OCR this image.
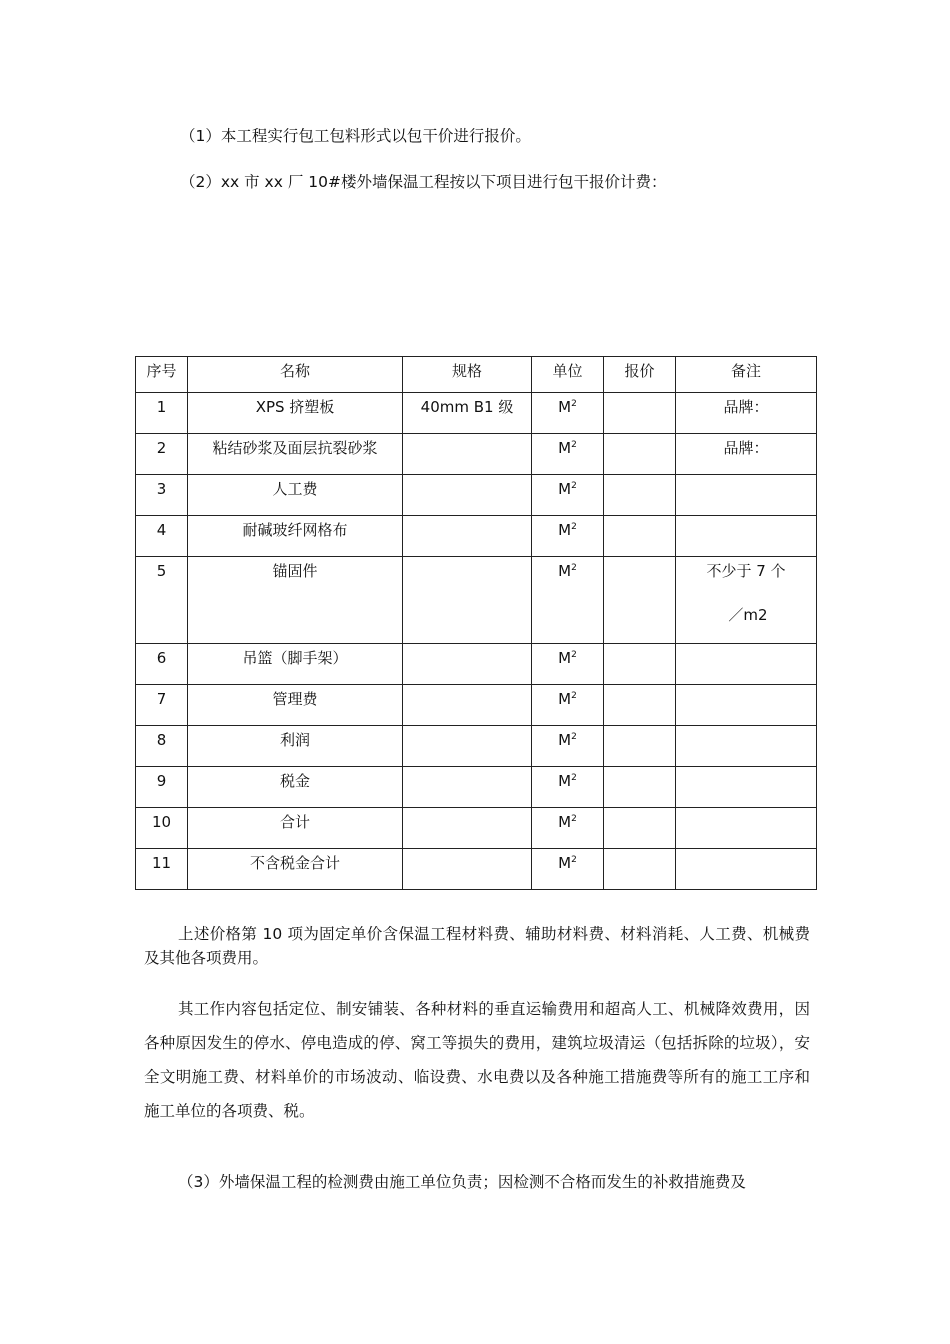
（1）本工程实行包工包料形式以包干价进行报价。
（2）xx 市 xx 厂 10#楼外墙保温工程按以下项目进行包干报价计费：
序号	名称	规格	单位	报价	备注
1	XPS 挤塑板	40mm B1 级	$M^2$		品牌：
2	粘结砂浆及面层抗裂砂浆		$M^2$		品牌：
3	人工费		$M^2$		
4	耐碱玻纤网格布		$M^2$		
5	锚固件		$M^2$		不少于 7 个
／m2

6	吊篮（脚手架）		$M^2$		
7	管理费		$M^2$		
8	利润		$M^2$		
9	税金		$M^2$		
10	合计		$M^2$		
11	不含税金合计		$M^2$		
上述价格第 10 项为固定单价含保温工程材料费、辅助材料费、材料消耗、人工费、机械费及其他各项费用。
其工作内容包括定位、制安铺装、各种材料的垂直运输费用和超高人工、机械降效费用，因各种原因发生的停水、停电造成的停、窝工等损失的费用，建筑垃圾清运（包括拆除的垃圾），安全文明施工费、材料单价的市场波动、临设费、水电费以及各种施工措施费等所有的施工工序和施工单位的各项费、税。
（3）外墙保温工程的检测费由施工单位负责；因检测不合格而发生的补救措施费及
